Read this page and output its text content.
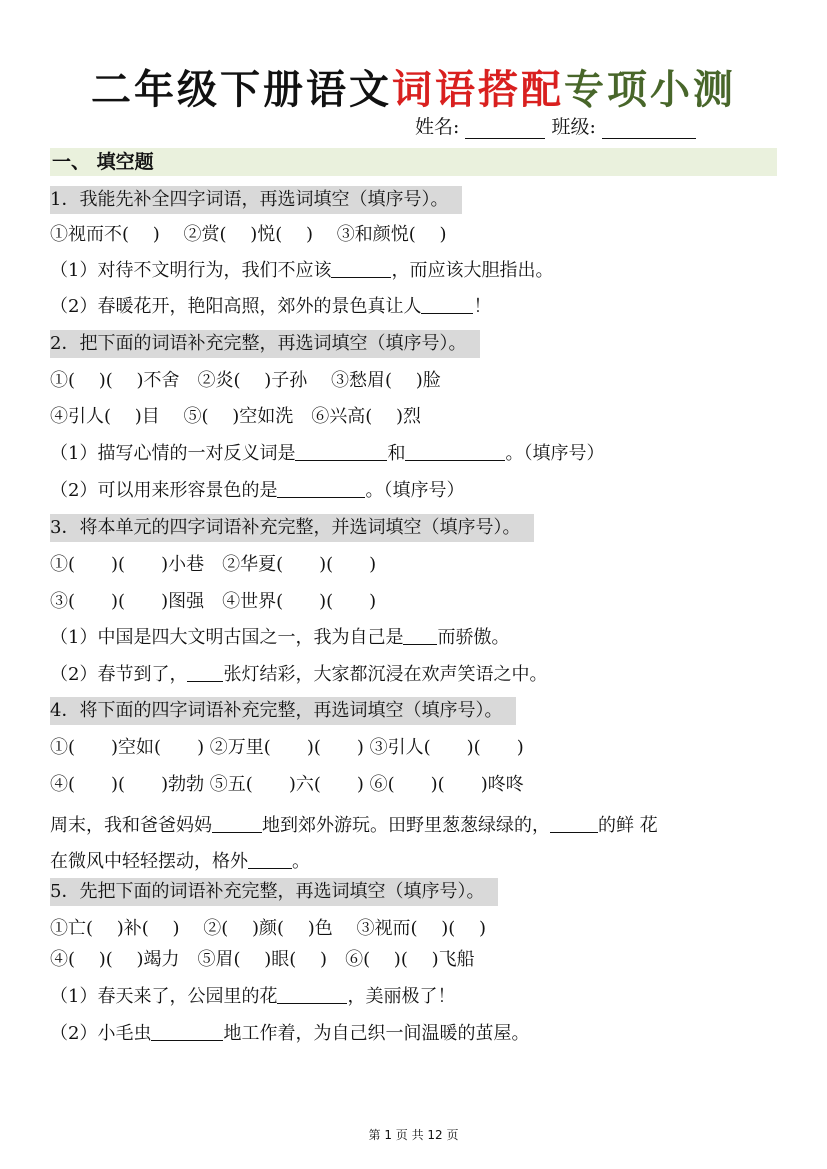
二年级下册语文词语搭配专项小测
姓名:	班级:
一、 填空题
1．我能先补全四字词语，再选词填空（填序号）。
①视而不(　 )　 ②赏(　 )悦(　 )　 ③和颜悦(　 )
（1）对待不文明行为，我们不应该	，而应该大胆指出。
（2）春暖花开，艳阳高照，郊外的景色真让人	！
2．把下面的词语补充完整，再选词填空（填序号）。
①(　 )(　 )不舍　②炎(　 )子孙　 ③愁眉(　 )脸
④引人(　 )目　 ⑤(　 )空如洗　⑥兴高(　 )烈
（1）描写心情的一对反义词是	和	。（填序号）
（2）可以用来形容景色的是	。（填序号）
3．将本单元的四字词语补充完整，并选词填空（填序号）。
①(　　)(　　)小巷　②华夏(　　)(　　)
③(　　)(　　)图强　④世界(　　)(　　)
（1）中国是四大文明古国之一，我为自己是 而骄傲。
（2）春节到了， 张灯结彩，大家都沉浸在欢声笑语之中。
4．将下面的四字词语补充完整，再选词填空（填序号）。
①(　　)空如(　　) ②万里(　　)(　　) ③引人(　　)(　　)
④(　　)(　　)勃勃 ⑤五(　　)六(　　) ⑥(　　)(　　)咚咚
周末，我和爸爸妈妈	地到郊外游玩。田野里葱葱绿绿的，	的鲜 花
在微风中轻轻摆动，格外 。
5．先把下面的词语补充完整，再选词填空（填序号）。
①亡(　 )补(　 )　 ②(　 )颜(　 )色　 ③视而(　 )(　 )
④(　 )(　 )竭力　⑤眉(　 )眼(　 )　⑥(　 )(　 )飞船
（1）春天来了，公园里的花	，美丽极了！
（2）小毛虫	地工作着，为自己织一间温暖的茧屋。
第 1 页 共 12 页
